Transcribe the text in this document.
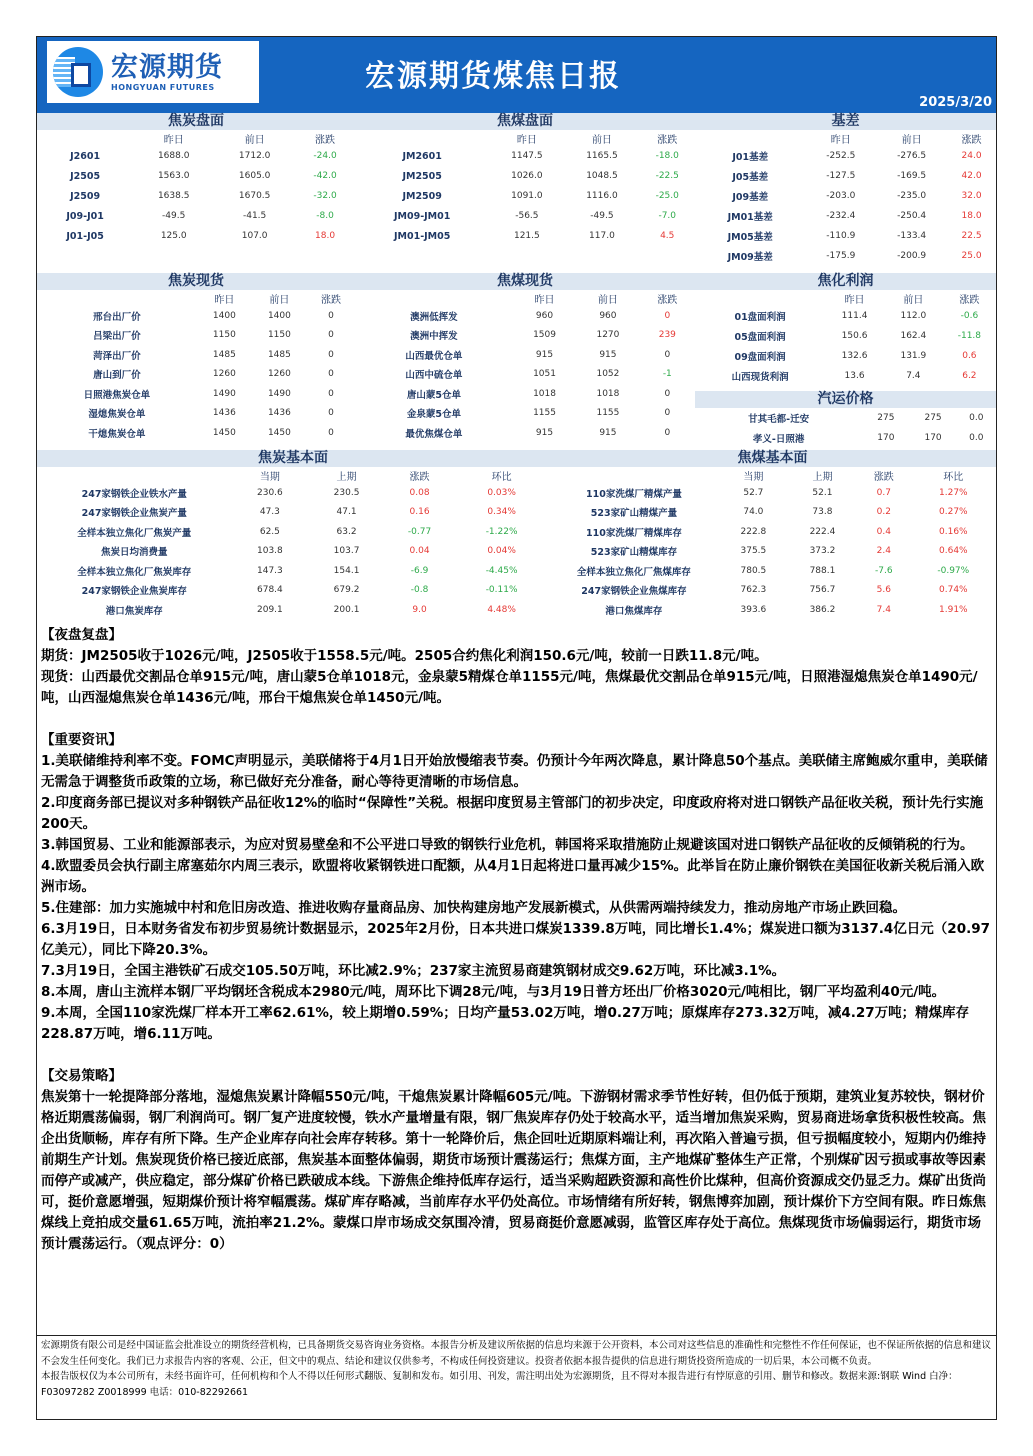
宏源期货
HONGYUAN FUTURES	宏源期货煤焦日报
2025/3/20
焦炭盘面
	昨日	前日	涨跌
J2601	1688.0	1712.0	-24.0
J2505	1563.0	1605.0	-42.0
J2509	1638.5	1670.5	-32.0
J09-J01	-49.5	-41.5	-8.0
J01-J05	125.0	107.0	18.0
焦煤盘面
	昨日	前日	涨跌
JM2601	1147.5	1165.5	-18.0
JM2505	1026.0	1048.5	-22.5
JM2509	1091.0	1116.0	-25.0
JM09-JM01	-56.5	-49.5	-7.0
JM01-JM05	121.5	117.0	4.5
基差
	昨日	前日	涨跌
J01基差	-252.5	-276.5	24.0
J05基差	-127.5	-169.5	42.0
J09基差	-203.0	-235.0	32.0
JM01基差	-232.4	-250.4	18.0
JM05基差	-110.9	-133.4	22.5
JM09基差	-175.9	-200.9	25.0
焦炭现货
	昨日	前日	涨跌
邢台出厂价	1400	1400	0
吕梁出厂价	1150	1150	0
菏泽出厂价	1485	1485	0
唐山到厂价	1260	1260	0
日照港焦炭仓单	1490	1490	0
湿熄焦炭仓单	1436	1436	0
干熄焦炭仓单	1450	1450	0
焦煤现货
	昨日	前日	涨跌
澳洲低挥发	960	960	0
澳洲中挥发	1509	1270	239
山西最优仓单	915	915	0
山西中硫仓单	1051	1052	-1
唐山蒙5仓单	1018	1018	0
金泉蒙5仓单	1155	1155	0
最优焦煤仓单	915	915	0
焦化利润
	昨日	前日	涨跌
01盘面利润	111.4	112.0	-0.6
05盘面利润	150.6	162.4	-11.8
09盘面利润	132.6	131.9	0.6
山西现货利润	13.6	7.4	6.2
汽运价格
甘其毛都-迁安	275	275	0.0
孝义-日照港	170	170	0.0
焦炭基本面
	当期	上期	涨跌	环比
247家钢铁企业铁水产量	230.6	230.5	0.08	0.03%
247家钢铁企业焦炭产量	47.3	47.1	0.16	0.34%
全样本独立焦化厂焦炭产量	62.5	63.2	-0.77	-1.22%
焦炭日均消费量	103.8	103.7	0.04	0.04%
全样本独立焦化厂焦炭库存	147.3	154.1	-6.9	-4.45%
247家钢铁企业焦炭库存	678.4	679.2	-0.8	-0.11%
港口焦炭库存	209.1	200.1	9.0	4.48%
焦煤基本面
	当期	上期	涨跌	环比
110家洗煤厂精煤产量	52.7	52.1	0.7	1.27%
523家矿山精煤产量	74.0	73.8	0.2	0.27%
110家洗煤厂精煤库存	222.8	222.4	0.4	0.16%
523家矿山精煤库存	375.5	373.2	2.4	0.64%
全样本独立焦化厂焦煤库存	780.5	788.1	-7.6	-0.97%
247家钢铁企业焦煤库存	762.3	756.7	5.6	0.74%
港口焦煤库存	393.6	386.2	7.4	1.91%

【夜盘复盘】

期货：JM2505收于1026元/吨，J2505收于1558.5元/吨。2505合约焦化利润150.6元/吨，较前一日跌11.8元/吨。

现货：山西最优交割品仓单915元/吨，唐山蒙5仓单1018元，金泉蒙5精煤仓单1155元/吨，焦煤最优交割品仓单915元/吨，日照港湿熄焦炭仓单1490元/吨，山西湿熄焦炭仓单1436元/吨，邢台干熄焦炭仓单1450元/吨。

【重要资讯】

1.美联储维持利率不变。FOMC声明显示，美联储将于4月1日开始放慢缩表节奏。仍预计今年两次降息，累计降息50个基点。美联储主席鲍威尔重申，美联储无需急于调整货币政策的立场，称已做好充分准备，耐心等待更清晰的市场信息。

2.印度商务部已提议对多种钢铁产品征收12%的临时“保障性”关税。根据印度贸易主管部门的初步决定，印度政府将对进口钢铁产品征收关税，预计先行实施200天。

3.韩国贸易、工业和能源部表示，为应对贸易壁垒和不公平进口导致的钢铁行业危机，韩国将采取措施防止规避该国对进口钢铁产品征收的反倾销税的行为。

4.欧盟委员会执行副主席塞茹尔内周三表示，欧盟将收紧钢铁进口配额，从4月1日起将进口量再减少15%。此举旨在防止廉价钢铁在美国征收新关税后涌入欧洲市场。

5.住建部：加力实施城中村和危旧房改造、推进收购存量商品房、加快构建房地产发展新模式，从供需两端持续发力，推动房地产市场止跌回稳。

6.3月19日，日本财务省发布初步贸易统计数据显示，2025年2月份，日本共进口煤炭1339.8万吨，同比增长1.4%；煤炭进口额为3137.4亿日元（20.97亿美元），同比下降20.3%。

7.3月19日，全国主港铁矿石成交105.50万吨，环比减2.9%；237家主流贸易商建筑钢材成交9.62万吨，环比减3.1%。

8.本周，唐山主流样本钢厂平均钢坯含税成本2980元/吨，周环比下调28元/吨，与3月19日普方坯出厂价格3020元/吨相比，钢厂平均盈利40元/吨。

9.本周，全国110家洗煤厂样本开工率62.61%，较上期增0.59%；日均产量53.02万吨，增0.27万吨；原煤库存273.32万吨，减4.27万吨；精煤库存228.87万吨，增6.11万吨。

【交易策略】

焦炭第十一轮提降部分落地，湿熄焦炭累计降幅550元/吨，干熄焦炭累计降幅605元/吨。下游钢材需求季节性好转，但仍低于预期，建筑业复苏较快，钢材价格近期震荡偏弱，钢厂利润尚可。钢厂复产进度较慢，铁水产量增量有限，钢厂焦炭库存仍处于较高水平，适当增加焦炭采购，贸易商进场拿货积极性较高。焦企出货顺畅，库存有所下降。生产企业库存向社会库存转移。第十一轮降价后，焦企回吐近期原料端让利，再次陷入普遍亏损，但亏损幅度较小，短期内仍维持前期生产计划。焦炭现货价格已接近底部，焦炭基本面整体偏弱，期货市场预计震荡运行；焦煤方面，主产地煤矿整体生产正常，个别煤矿因亏损或事故等因素而停产或减产，供应稳定，部分煤矿价格已跌破成本线。下游焦企维持低库存运行，适当采购超跌资源和高性价比煤种，但高价资源成交仍显乏力。煤矿出货尚可，挺价意愿增强，短期煤价预计将窄幅震荡。煤矿库存略减，当前库存水平仍处高位。市场情绪有所好转，钢焦博弈加剧，预计煤价下方空间有限。昨日炼焦煤线上竞拍成交量61.65万吨，流拍率21.2%。蒙煤口岸市场成交氛围冷清，贸易商挺价意愿减弱，监管区库存处于高位。焦煤现货市场偏弱运行，期货市场预计震荡运行。（观点评分：0）

宏源期货有限公司是经中国证监会批准设立的期货经营机构，已具备期货交易咨询业务资格。本报告分析及建议所依据的信息均来源于公开资料，本公司对这些信息的准确性和完整性不作任何保证，也不保证所依据的信息和建议不会发生任何变化。我们已力求报告内容的客观、公正，但文中的观点、结论和建议仅供参考，不构成任何投资建议。投资者依据本报告提供的信息进行期货投资所造成的一切后果，本公司概不负责。

本报告版权仅为本公司所有，未经书面许可，任何机构和个人不得以任何形式翻版、复制和发布。如引用、刊发，需注明出处为宏源期货，且不得对本报告进行有悖原意的引用、删节和修改。数据来源:钢联 Wind 白净：F03097282 Z0018999 电话：010-82292661
